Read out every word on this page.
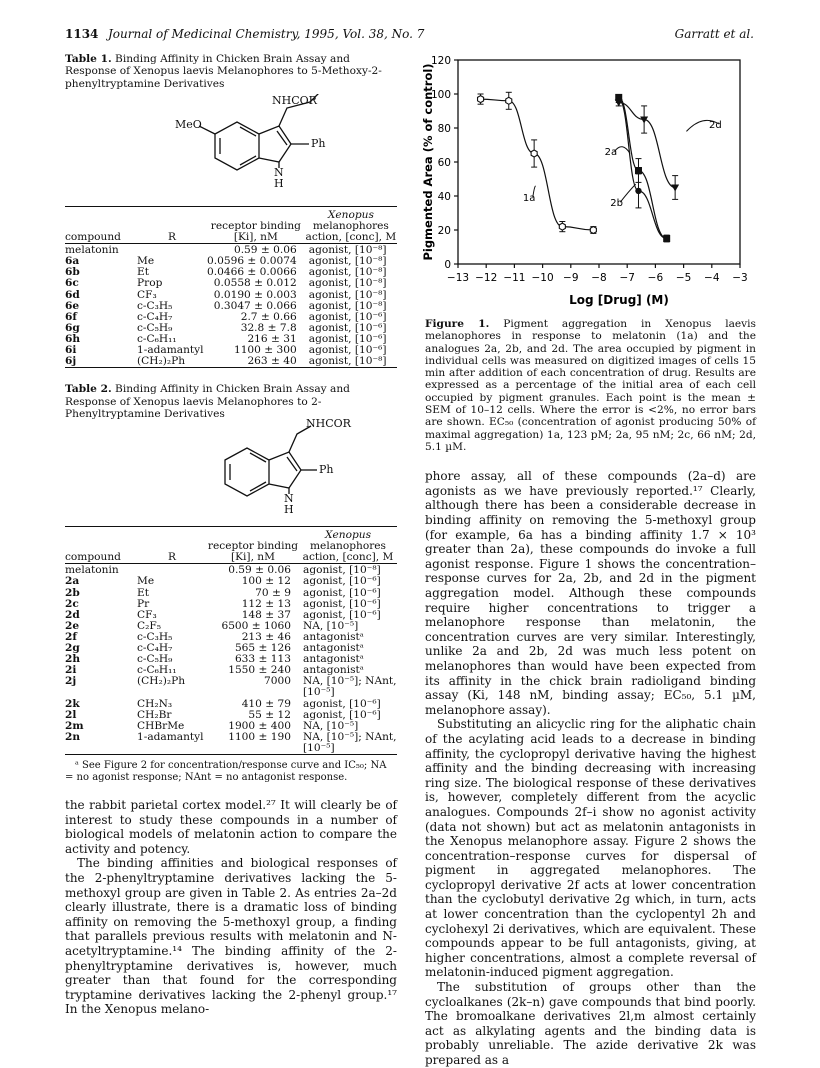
1134 Journal of Medicinal Chemistry, 1995, Vol. 38, No. 7	Garratt et al.
Table 1. Binding Affinity in Chicken Brain Assay and Response of Xenopus laevis Melanophores to 5-Methoxy-2-phenyltryptamine Derivatives
NHCOR
MeO
Ph
N
H

			Xenopus
		receptor binding	melanophores
compound	R	[Ki], nM	action, [conc], M

melatonin		0.59 ± 0.06	agonist, [10⁻⁸]
6a	Me	0.0596 ± 0.0074	agonist, [10⁻⁸]
6b	Et	0.0466 ± 0.0066	agonist, [10⁻⁸]
6c	Prop	0.0558 ± 0.012	agonist, [10⁻⁸]
6d	CF₃	0.0190 ± 0.003	agonist, [10⁻⁸]
6e	c-C₃H₅	0.3047 ± 0.066	agonist, [10⁻⁸]
6f	c-C₄H₇	2.7 ± 0.66	agonist, [10⁻⁶]
6g	c-C₅H₉	32.8 ± 7.8	agonist, [10⁻⁶]
6h	c-C₆H₁₁	216 ± 31	agonist, [10⁻⁶]
6i	1-adamantyl	1100 ± 300	agonist, [10⁻⁶]
6j	(CH₂)₂Ph	263 ± 40	agonist, [10⁻⁸]

Table 2. Binding Affinity in Chicken Brain Assay and Response of Xenopus laevis Melanophores to 2-Phenyltryptamine Derivatives
NHCOR
Ph
N
H

			Xenopus
		receptor binding	melanophores
compound	R	[Ki], nM	action, [conc], M

melatonin		0.59 ± 0.06	agonist, [10⁻⁸]
2a	Me	100 ± 12	agonist, [10⁻⁶]
2b	Et	70 ± 9	agonist, [10⁻⁶]
2c	Pr	112 ± 13	agonist, [10⁻⁶]
2d	CF₃	148 ± 37	agonist, [10⁻⁶]
2e	C₂F₅	6500 ± 1060	NA, [10⁻⁵]
2f	c-C₃H₅	213 ± 46	antagonistᵃ
2g	c-C₄H₇	565 ± 126	antagonistᵃ
2h	c-C₅H₉	633 ± 113	antagonistᵃ
2i	c-C₆H₁₁	1550 ± 240	antagonistᵃ
2j	(CH₂)₂Ph	7000	NA, [10⁻⁵]; NAnt,
			[10⁻⁵]
2k	CH₂N₃	410 ± 79	agonist, [10⁻⁶]
2l	CH₂Br	55 ± 12	agonist, [10⁻⁶]
2m	CHBrMe	1900 ± 400	NA, [10⁻⁵]
2n	1-adamantyl	1100 ± 190	NA, [10⁻⁵]; NAnt,
			[10⁻⁵]

ᵃ See Figure 2 for concentration/response curve and IC₅₀; NA = no agonist response; NAnt = no antagonist response.

the rabbit parietal cortex model.²⁷ It will clearly be of interest to study these compounds in a number of biological models of melatonin action to compare the activity and potency.

The binding affinities and biological responses of the 2-phenyltryptamine derivatives lacking the 5-methoxyl group are given in Table 2. As entries 2a–2d clearly illustrate, there is a dramatic loss of binding affinity on removing the 5-methoxyl group, a finding that parallels previous results with melatonin and N-acetyltryptamine.¹⁴ The binding affinity of the 2-phenyltryptamine derivatives is, however, much greater than that found for the corresponding tryptamine derivatives lacking the 2-phenyl group.¹⁷ In the Xenopus melano-

0
20
40
60
80
100
120
−13 −12 −11 −10 −9 −8 −7 −6 −5 −4 −3
Log [Drug] (M)
Pigmented Area (% of control)	1a
2a
2b
2d
Figure 1. Pigment aggregation in Xenopus laevis melanophores in response to melatonin (1a) and the analogues 2a, 2b, and 2d. The area occupied by pigment in individual cells was measured on digitized images of cells 15 min after addition of each concentration of drug. Results are expressed as a percentage of the initial area of each cell occupied by pigment granules. Each point is the mean ± SEM of 10–12 cells. Where the error is <2%, no error bars are shown. EC₅₀ (concentration of agonist producing 50% of maximal aggregation) 1a, 123 pM; 2a, 95 nM; 2c, 66 nM; 2d, 5.1 µM.

phore assay, all of these compounds (2a–d) are agonists as we have previously reported.¹⁷ Clearly, although there has been a considerable decrease in binding affinity on removing the 5-methoxyl group (for example, 6a has a binding affinity 1.7 × 10³ greater than 2a), these compounds do invoke a full agonist response. Figure 1 shows the concentration–response curves for 2a, 2b, and 2d in the pigment aggregation model. Although these compounds require higher concentrations to trigger a melanophore response than melatonin, the concentration curves are very similar. Interestingly, unlike 2a and 2b, 2d was much less potent on melanophores than would have been expected from its affinity in the chick brain radioligand binding assay (Ki, 148 nM, binding assay; EC₅₀, 5.1 µM, melanophore assay).

Substituting an alicyclic ring for the aliphatic chain of the acylating acid leads to a decrease in binding affinity, the cyclopropyl derivative having the highest affinity and the binding decreasing with increasing ring size. The biological response of these derivatives is, however, completely different from the acyclic analogues. Compounds 2f–i show no agonist activity (data not shown) but act as melatonin antagonists in the Xenopus melanophore assay. Figure 2 shows the concentration–response curves for dispersal of pigment in aggregated melanophores. The cyclopropyl derivative 2f acts at lower concentration than the cyclobutyl derivative 2g which, in turn, acts at lower concentration than the cyclopentyl 2h and cyclohexyl 2i derivatives, which are equivalent. These compounds appear to be full antagonists, giving, at higher concentrations, almost a complete reversal of melatonin-induced pigment aggregation.

The substitution of groups other than the cycloalkanes (2k–n) gave compounds that bind poorly. The bromoalkane derivatives 2l,m almost certainly act as alkylating agents and the binding data is probably unreliable. The azide derivative 2k was prepared as a
